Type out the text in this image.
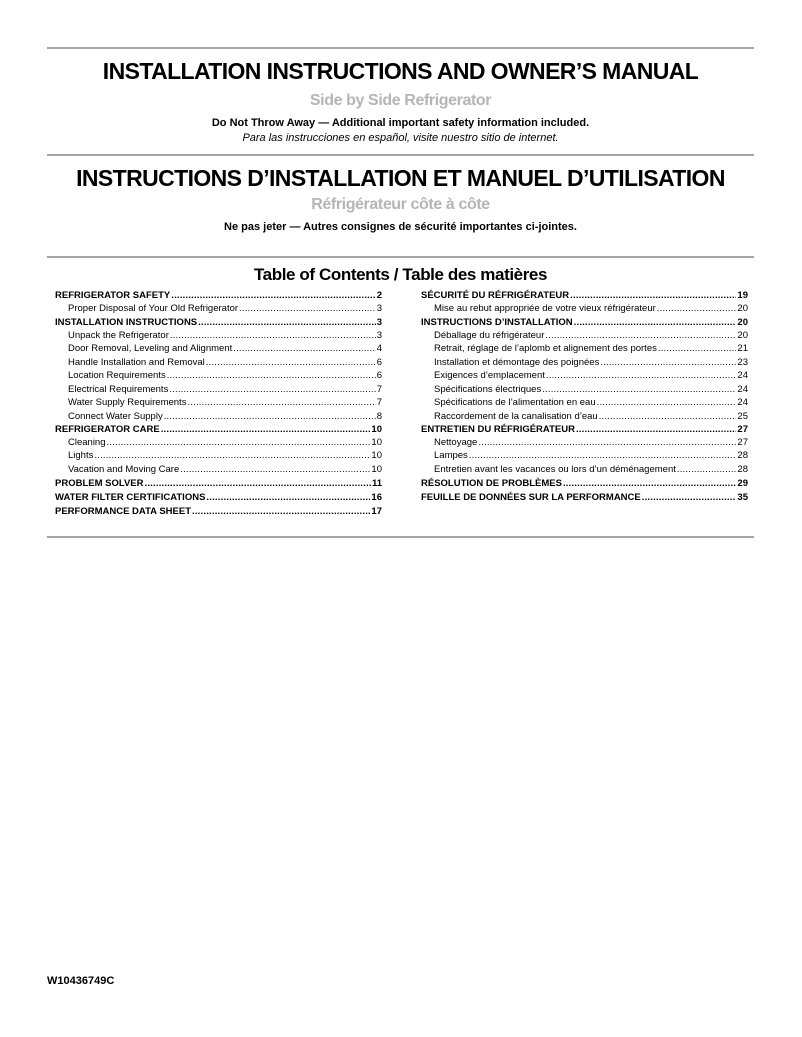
INSTALLATION INSTRUCTIONS AND OWNER’S MANUAL
Side by Side Refrigerator
Do Not Throw Away — Additional important safety information included.
Para las instrucciones en español, visite nuestro sitio de internet.
INSTRUCTIONS D’INSTALLATION ET MANUEL D’UTILISATION
Réfrigérateur côte à côte
Ne pas jeter — Autres consignes de sécurité importantes ci-jointes.
Table of Contents / Table des matières
REFRIGERATOR SAFETY .....	2
Proper Disposal of Your Old Refrigerator .....	3
INSTALLATION INSTRUCTIONS .....	3
Unpack the Refrigerator .....	3
Door Removal, Leveling and Alignment .....	4
Handle Installation and Removal .....	6
Location Requirements .....	6
Electrical Requirements .....	7
Water Supply Requirements .....	7
Connect Water Supply .....	8
REFRIGERATOR CARE .....	10
Cleaning .....	10
Lights .....	10
Vacation and Moving Care .....	10
PROBLEM SOLVER .....	11
WATER FILTER CERTIFICATIONS .....	16
PERFORMANCE DATA SHEET .....	17
SÉCURITÉ DU RÉFRIGÉRATEUR .....	19
Mise au rebut appropriée de votre vieux réfrigérateur .....	20
INSTRUCTIONS D’INSTALLATION .....	20
Déballage du réfrigérateur .....	20
Retrait, réglage de l’aplomb et alignement des portes .....	21
Installation et démontage des poignées .....	23
Exigences d’emplacement .....	24
Spécifications électriques .....	24
Spécifications de l’alimentation en eau .....	24
Raccordement de la canalisation d’eau .....	25
ENTRETIEN DU RÉFRIGÉRATEUR .....	27
Nettoyage .....	27
Lampes .....	28
Entretien avant les vacances ou lors d’un déménagement .....	28
RÉSOLUTION DE PROBLÈMES .....	29
FEUILLE DE DONNÉES SUR LA PERFORMANCE .....	35
W10436749C
